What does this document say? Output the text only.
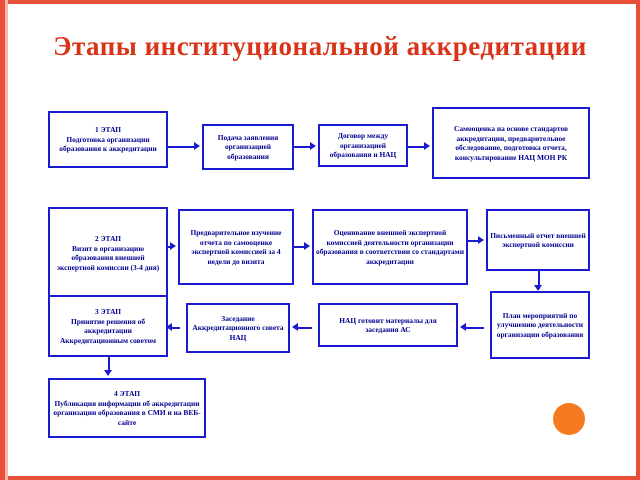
Этапы институциональной аккредитации
1 ЭТАП
Подготовка организации образования к аккредитации
Подача заявления организацией образования
Договор между организацией образования и НАЦ
Самооценка на основе стандартов аккредитации, предварительное обследование, подготовка отчета, консультирование НАЦ МОН РК
2 ЭТАП
Визит в организацию образования внешней экспертной комиссии (3-4 дня)
Предварительное изучение отчета по самооценке экспертной комиссией за 4 недели до визита
Оценивание внешней экспертной комиссией деятельности организации образования в соответствии со стандартами аккредитации
Письменный отчет внешней экспертной комиссии
3 ЭТАП
Принятие решения об аккредитации Аккредитационным советом
Заседание Аккредитационного совета НАЦ
НАЦ готовит материалы для заседания АС
План мероприятий по улучшению деятельности организации образования
4 ЭТАП
Публикация информации об аккредитации организации образования в СМИ и на ВЕБ-сайте
